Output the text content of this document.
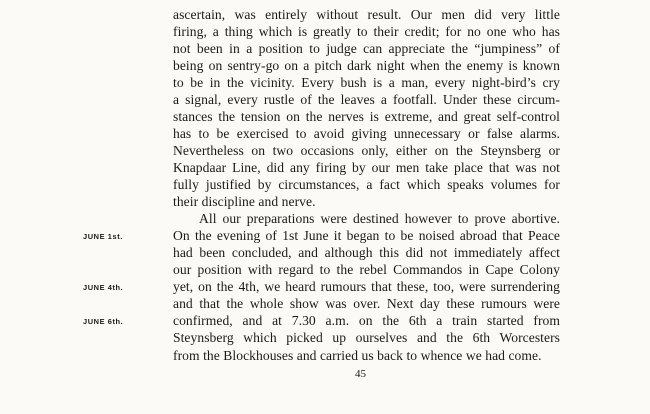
ascertain, was entirely without result. Our men did very little
firing, a thing which is greatly to their credit; for no one who has
not been in a position to judge can appreciate the “jumpiness” of
being on sentry-go on a pitch dark night when the enemy is known
to be in the vicinity. Every bush is a man, every night-bird’s cry
a signal, every rustle of the leaves a footfall. Under these circum-
stances the tension on the nerves is extreme, and great self-control
has to be exercised to avoid giving unnecessary or false alarms.
Nevertheless on two occasions only, either on the Steynsberg or
Knapdaar Line, did any firing by our men take place that was not
fully justified by circumstances, a fact which speaks volumes for
their discipline and nerve.
All our preparations were destined however to prove abortive.
On the evening of 1st June it began to be noised abroad that Peace
had been concluded, and although this did not immediately affect
our position with regard to the rebel Commandos in Cape Colony
yet, on the 4th, we heard rumours that these, too, were surrendering
and that the whole show was over. Next day these rumours were
confirmed, and at 7.30 a.m. on the 6th a train started from
Steynsberg which picked up ourselves and the 6th Worcesters
JUNE 1st.
JUNE 4th.
JUNE 6th.
45
from the Blockhouses and carried us back to whence we had come.
